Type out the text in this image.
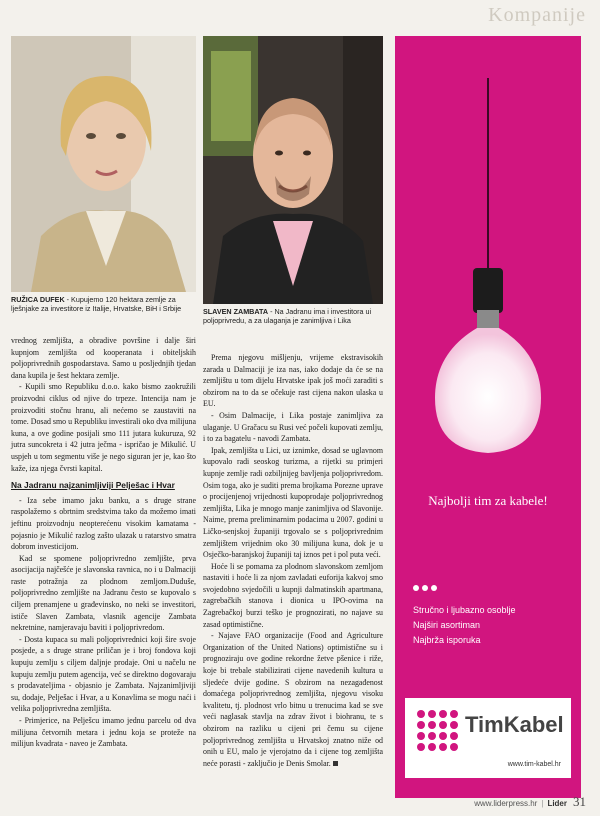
Kompanije
RUŽICA DUFEK - Kupujemo 120 hektara zemlje za lješnjake za investitore iz Italije, Hrvatske, BiH i Srbije	SLAVEN ZAMBATA - Na Jadranu ima i investitora ui poljoprivredu, a za ulaganja je zanimljiva i Lika

vrednog zemljišta, a obradive površine i dalje širi kupnjom zemljišta od kooperanata i obiteljskih poljoprivrednih gospodarstava. Samo u posljednjih tjedan dana kupila je šest hektara zemlje.

- Kupili smo Republiku d.o.o. kako bismo zaokružili proizvodni ciklus od njive do trpeze. Intencija nam je proizvoditi stočnu hranu, ali nećemo se zaustaviti na tome. Dosad smo u Republiku investirali oko dva milijuna kuna, a ove godine posijali smo 111 jutara kukuruza, 92 jutra suncokreta i 42 jutra ječma - ispričao je Mikulić. U uspjeh u tom segmentu više je nego siguran jer je, kao što kaže, iza njega čvrsti kapital.

Na Jadranu najzanimljiviji Pelješac i Hvar

- Iza sebe imamo jaku banku, a s druge strane raspolažemo s obrtnim sredstvima tako da možemo imati jeftinu proizvodnju neopterećenu visokim kamatama - pojasnio je Mikulić razlog zašto ulazak u ratarstvo smatra dobrom investicijom.

Kad se spomene poljoprivredno zemljište, prva asocijacija najčešće je slavonska ravnica, no i u Dalmaciji raste potražnja za plodnom zemljom.Duduše, poljoprivredno zemljište na Jadranu često se kupovalo s ciljem prenamjene u građevinsko, no neki se investitori, ističe Slaven Zambata, vlasnik agencije Zambata nekretnine, namjeravaju baviti i poljoprivredom.

- Dosta kupaca su mali poljoprivrednici koji šire svoje posjede, a s druge strane priličan je i broj fondova koji kupuju zemlju s ciljem daljnje prodaje. Oni u načelu ne kupuju zemlju putem agencija, već se direktno dogovaraju s prodavateljima - objasnio je Zambata. Najzanimljiviji su, dodaje, Pelješac i Hvar, a u Konavlima se mogu naći i velika poljoprivredna zemljišta.

- Primjerice, na Pelješcu imamo jednu parcelu od dva milijuna četvornih metara i jednu koja se proteže na milijun kvadrata - naveo je Zambata.

Prema njegovu mišljenju, vrijeme ekstravisokih zarada u Dalmaciji je iza nas, iako dodaje da će se na zemljištu u tom dijelu Hrvatske ipak još moći zaraditi s obzirom na to da se očekuje rast cijena nakon ulaska u EU.

- Osim Dalmacije, i Lika postaje zanimljiva za ulaganje. U Gračacu su Rusi već počeli kupovati zemlju, i to za bagatelu - navodi Zambata.

Ipak, zemljišta u Lici, uz iznimke, dosad se uglavnom kupovalo radi seoskog turizma, a rijetki su primjeri kupnje zemlje radi ozbiljnijeg bavljenja poljoprivredom. Osim toga, ako je suditi prema brojkama Porezne uprave o procijenjenoj vrijednosti kupoprodaje poljoprivrednog zemljišta, Lika je mnogo manje zanimljiva od Slavonije. Naime, prema preliminarnim podacima u 2007. godini u Ličko-senjskoj županiji trgovalo se s poljoprivrednim zemljištem vrijednim oko 30 milijuna kuna, dok je u Osječko-baranjskoj županiji taj iznos pet i pol puta veći.

Hoće li se pomama za plodnom slavonskom zemljom nastaviti i hoće li za njom zavladati euforija kakvoj smo svojedobno svjedočili u kupnji dalmatinskih apartmana, zagrebačkih stanova i dionica u IPO-ovima na Zagrebačkoj burzi teško je prognozirati, no najave su zasad optimistične.

- Najave FAO organizacije (Food and Agriculture Organization of the United Nations) optimistične su i prognoziraju ove godine rekordne žetve pšenice i riže, koje bi trebale stabilizirati cijene navedenih kultura u sljedeće dvije godine. S obzirom na nezagađenost domaćega poljoprivrednog zemljišta, njegovu visoku kvalitetu, tj. plodnost vrlo bitnu u trenucima kad se sve veći naglasak stavlja na zdrav život i biohranu, te s obzirom na razliku u cijeni pri čemu su cijene poljoprivrednog zemljišta u Hrvatskoj znatno niže od onih u EU, malo je vjerojatno da i cijene tog zemljišta neće porasti - zaključio je Denis Smolar.

Najbolji tim za kabele!
Stručno i ljubazno osoblje
Najširi asortiman
Najbrža isporuka
TimKabel
www.tim-kabel.hr
www.liderpress.hr | Lider 31
